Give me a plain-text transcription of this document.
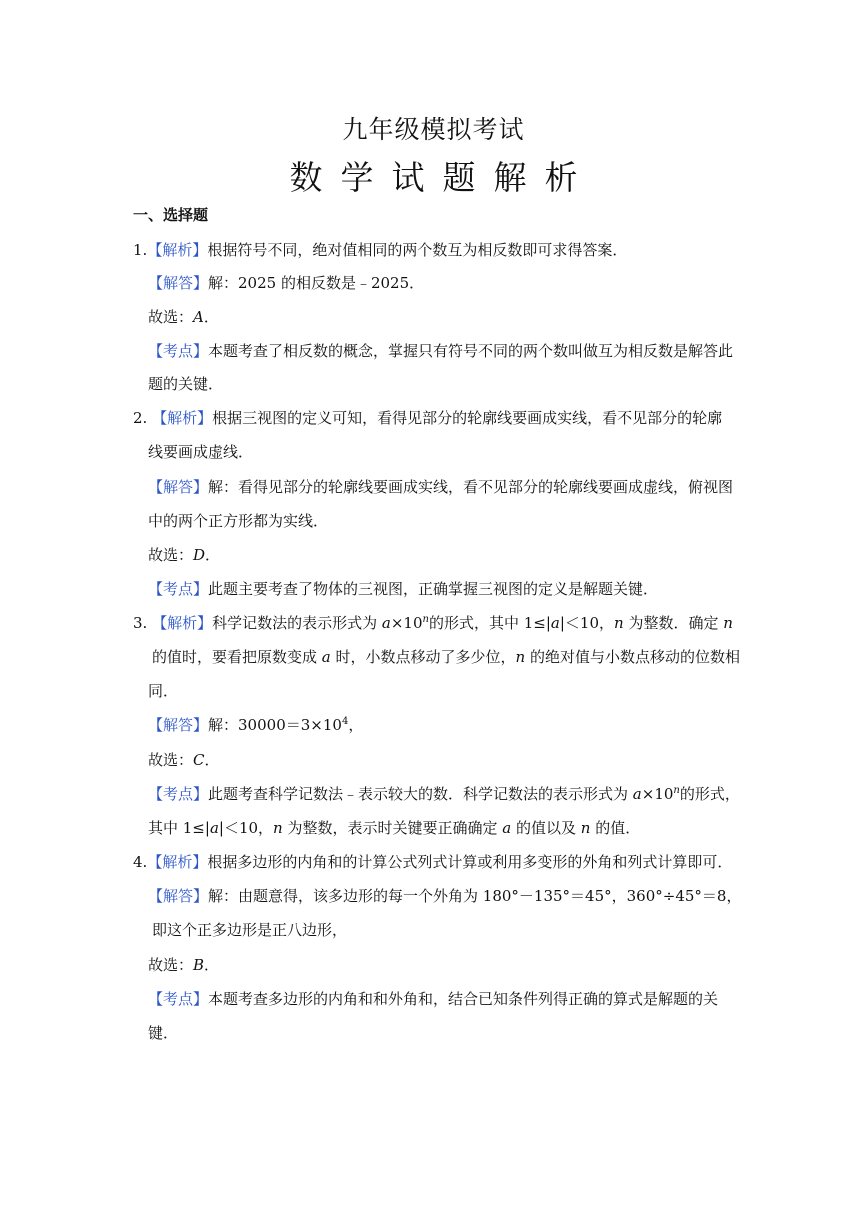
九年级模拟考试
数学试题解析
一、选择题
1.【解析】根据符号不同，绝对值相同的两个数互为相反数即可求得答案．
【解答】解：2025 的相反数是﹣2025．
故选：A．
【考点】本题考查了相反数的概念，掌握只有符号不同的两个数叫做互为相反数是解答此
题的关键．
2. 【解析】根据三视图的定义可知，看得见部分的轮廓线要画成实线，看不见部分的轮廓
线要画成虚线．
【解答】解：看得见部分的轮廓线要画成实线，看不见部分的轮廓线要画成虚线，俯视图
中的两个正方形都为实线．
故选：D．
【考点】此题主要考查了物体的三视图，正确掌握三视图的定义是解题关键．
3. 【解析】科学记数法的表示形式为 $a\times 10^n$的形式，其中 1≤|a|＜10，n 为整数．确定 n
的值时，要看把原数变成 a 时，小数点移动了多少位，n 的绝对值与小数点移动的位数相
同．
【解答】解：$30000=3\times 10^4$，
故选：C．
【考点】此题考查科学记数法﹣表示较大的数．科学记数法的表示形式为 $a\times 10^n$的形式，
其中 1≤|a|＜10，n 为整数，表示时关键要正确确定 a 的值以及 n 的值．
4.【解析】根据多边形的内角和的计算公式列式计算或利用多变形的外角和列式计算即可．
【解答】解：由题意得，该多边形的每一个外角为 180°－135°＝45°，360°÷45°＝8，
即这个正多边形是正八边形，
故选：B．
【考点】本题考查多边形的内角和和外角和，结合已知条件列得正确的算式是解题的关
键．
